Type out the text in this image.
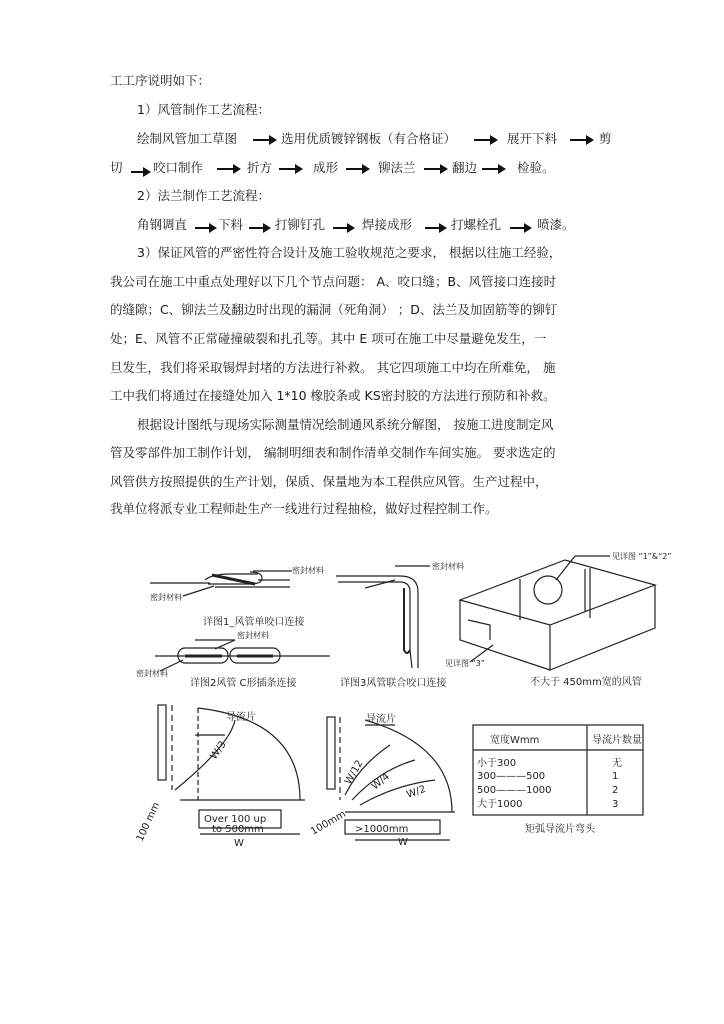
工工序说明如下：
1）风管制作工艺流程：
绘制风管加工草图	选用优质镀锌钢板（有合格证）	展开下料	剪
切 咬口制作	折方	成形	铆法兰	翻边	检验。
2）法兰制作工艺流程：
角钢调直 下料	打铆钉孔	焊接成形	打螺栓孔	喷漆。
3）保证风管的严密性符合设计及施工验收规范之要求， 根据以往施工经验，
我公司在施工中重点处理好以下几个节点问题： A、咬口缝；B、风管接口连接时
的缝隙；C、铆法兰及翻边时出现的漏洞（死角洞） ；D、法兰及加固筋等的铆钉
处；E、风管不正常碰撞破裂和扎孔等。其中 E 项可在施工中尽量避免发生，一
旦发生，我们将采取锡焊封堵的方法进行补救。 其它四项施工中均在所难免， 施
工中我们将通过在接缝处加入 1*10 橡胶条或 KS密封胶的方法进行预防和补救。
根据设计图纸与现场实际测量情况绘制通风系统分解图， 按施工进度制定风
管及零部件加工制作计划， 编制明细表和制作清单交制作车间实施。 要求选定的
风管供方按照提供的生产计划，保质、保量地为本工程供应风管。生产过程中，
我单位将派专业工程师赴生产一线进行过程抽检，做好过程控制工作。
密封材料
密封材料
密封材料
密封材料
密封材料
见详图 “1”&“2”
见详图 “3”
详图1_风管单咬口连接
详图2风管 C形插条连接	详图3风管联合咬口连接	不大于 450mm宽的风管
导流片
W/3
Over 100 up
to 500mm
W
100 mm
导流片
W/12 W/4 W/2
>1000mm
W
100mm
宽度Wmm	导流片数量
小于300	无
300———500	1
500———1000	2
大于1000	3
矩弧导流片弯头
